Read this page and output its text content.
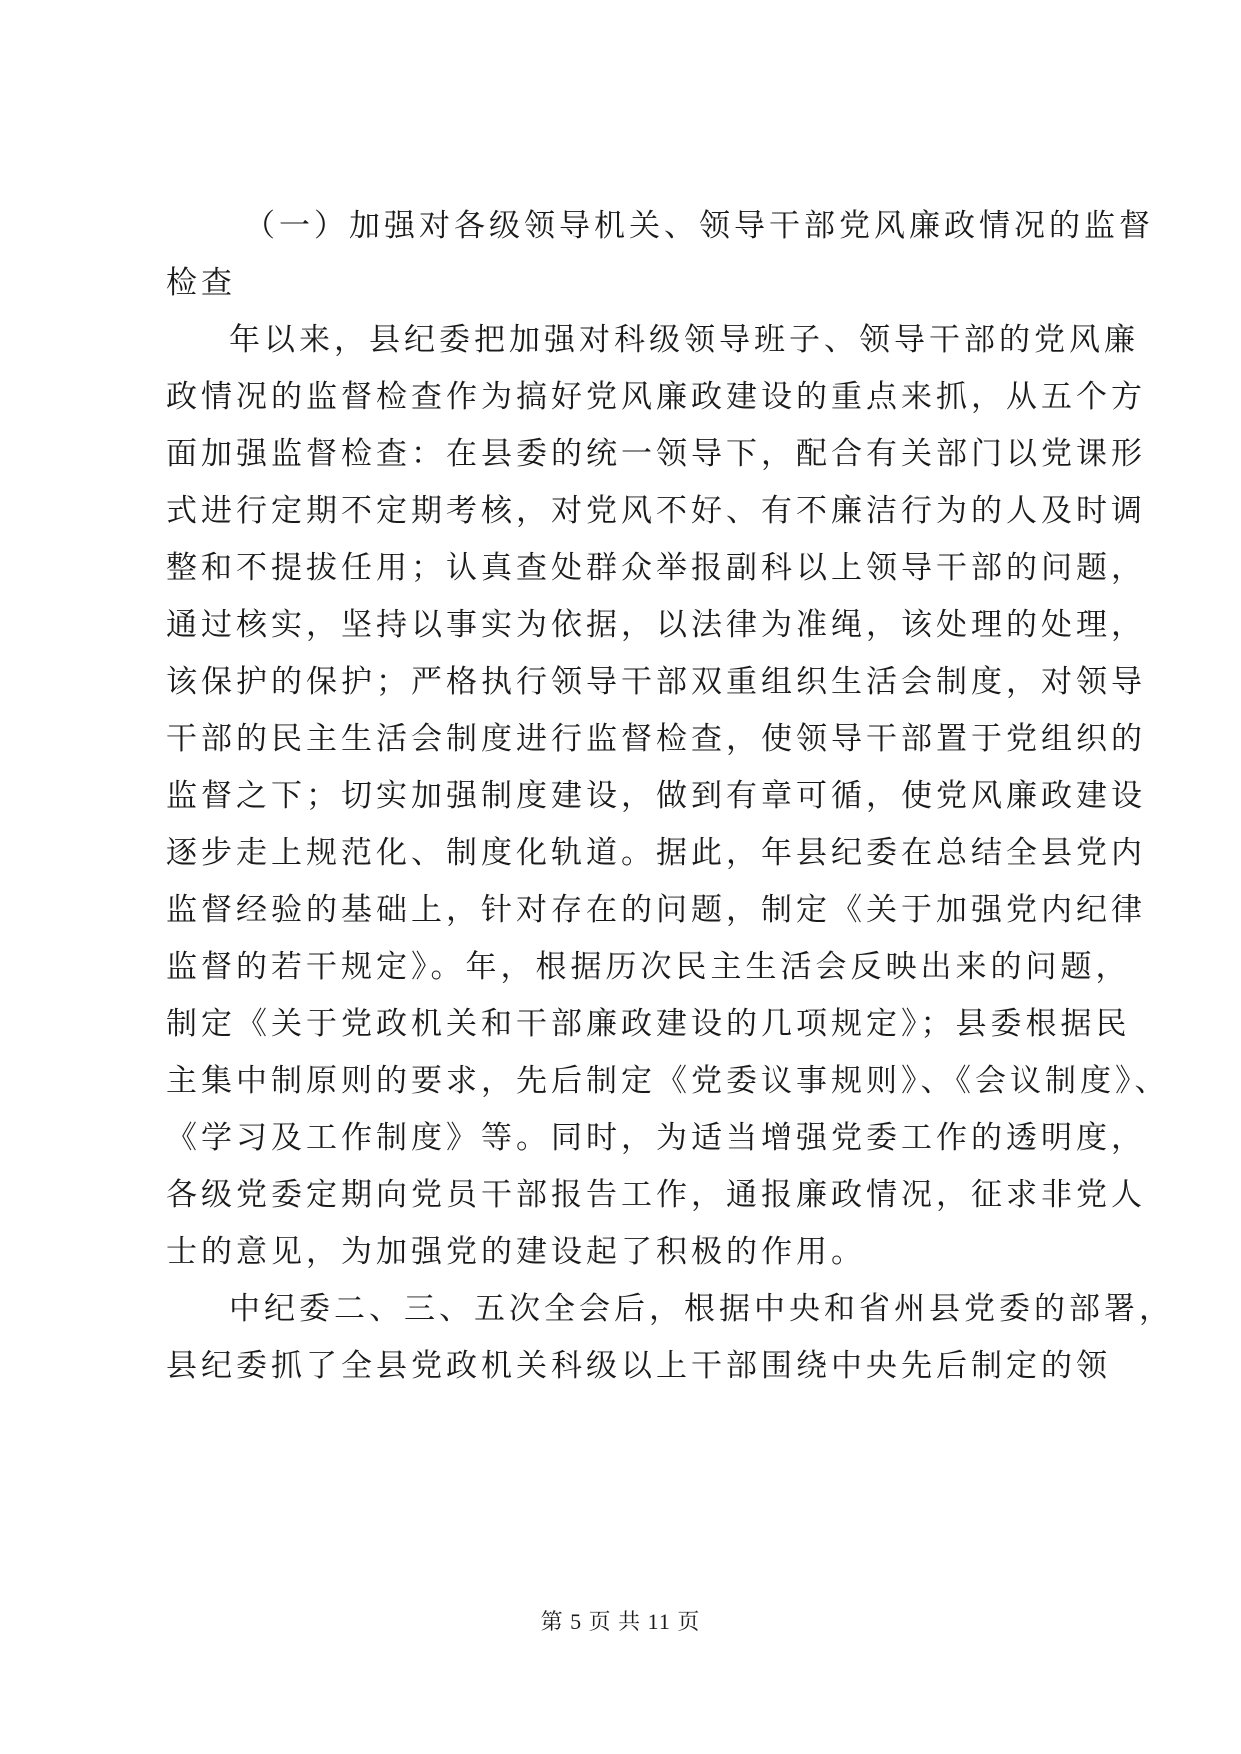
（一）加强对各级领导机关、领导干部党风廉政情况的监督
检查
年以来，县纪委把加强对科级领导班子、领导干部的党风廉
政情况的监督检查作为搞好党风廉政建设的重点来抓，从五个方
面加强监督检查：在县委的统一领导下，配合有关部门以党课形
式进行定期不定期考核，对党风不好、有不廉洁行为的人及时调
整和不提拔任用；认真查处群众举报副科以上领导干部的问题，
通过核实，坚持以事实为依据，以法律为准绳，该处理的处理，
该保护的保护；严格执行领导干部双重组织生活会制度，对领导
干部的民主生活会制度进行监督检查，使领导干部置于党组织的
监督之下；切实加强制度建设，做到有章可循，使党风廉政建设
逐步走上规范化、制度化轨道。据此，年县纪委在总结全县党内
监督经验的基础上，针对存在的问题，制定《关于加强党内纪律
监督的若干规定》。年，根据历次民主生活会反映出来的问题，
制定《关于党政机关和干部廉政建设的几项规定》；县委根据民
主集中制原则的要求，先后制定《党委议事规则》、《会议制度》、
《学习及工作制度》等。同时，为适当增强党委工作的透明度，
各级党委定期向党员干部报告工作，通报廉政情况，征求非党人
士的意见，为加强党的建设起了积极的作用。
中纪委二、三、五次全会后，根据中央和省州县党委的部署，
县纪委抓了全县党政机关科级以上干部围绕中央先后制定的领
第 5 页 共 11 页
